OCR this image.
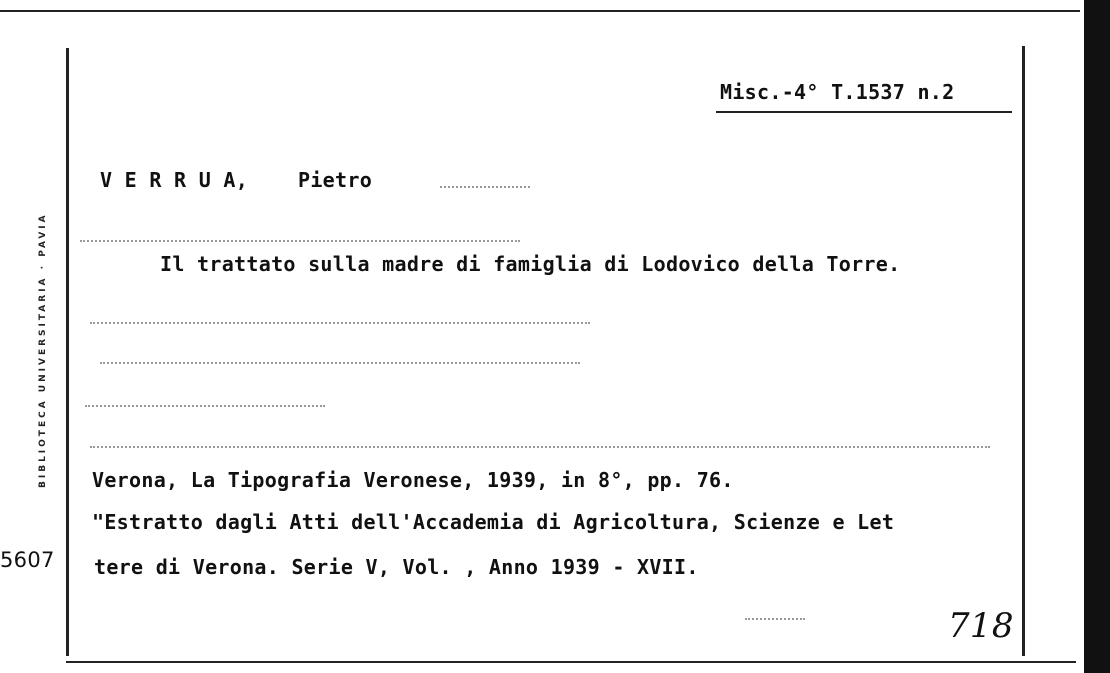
BIBLIOTECA UNIVERSITARIA · PAVIA
5607
Misc.-4° T.1537 n.2
V E R R U A, Pietro
Il trattato sulla madre di famiglia di Lodovico della Torre.
Verona, La Tipografia Veronese, 1939, in 8°, pp. 76.
"Estratto dagli Atti dell'Accademia di Agricoltura, Scienze e Let
tere di Verona. Serie V, Vol. , Anno 1939 - XVII.
718
